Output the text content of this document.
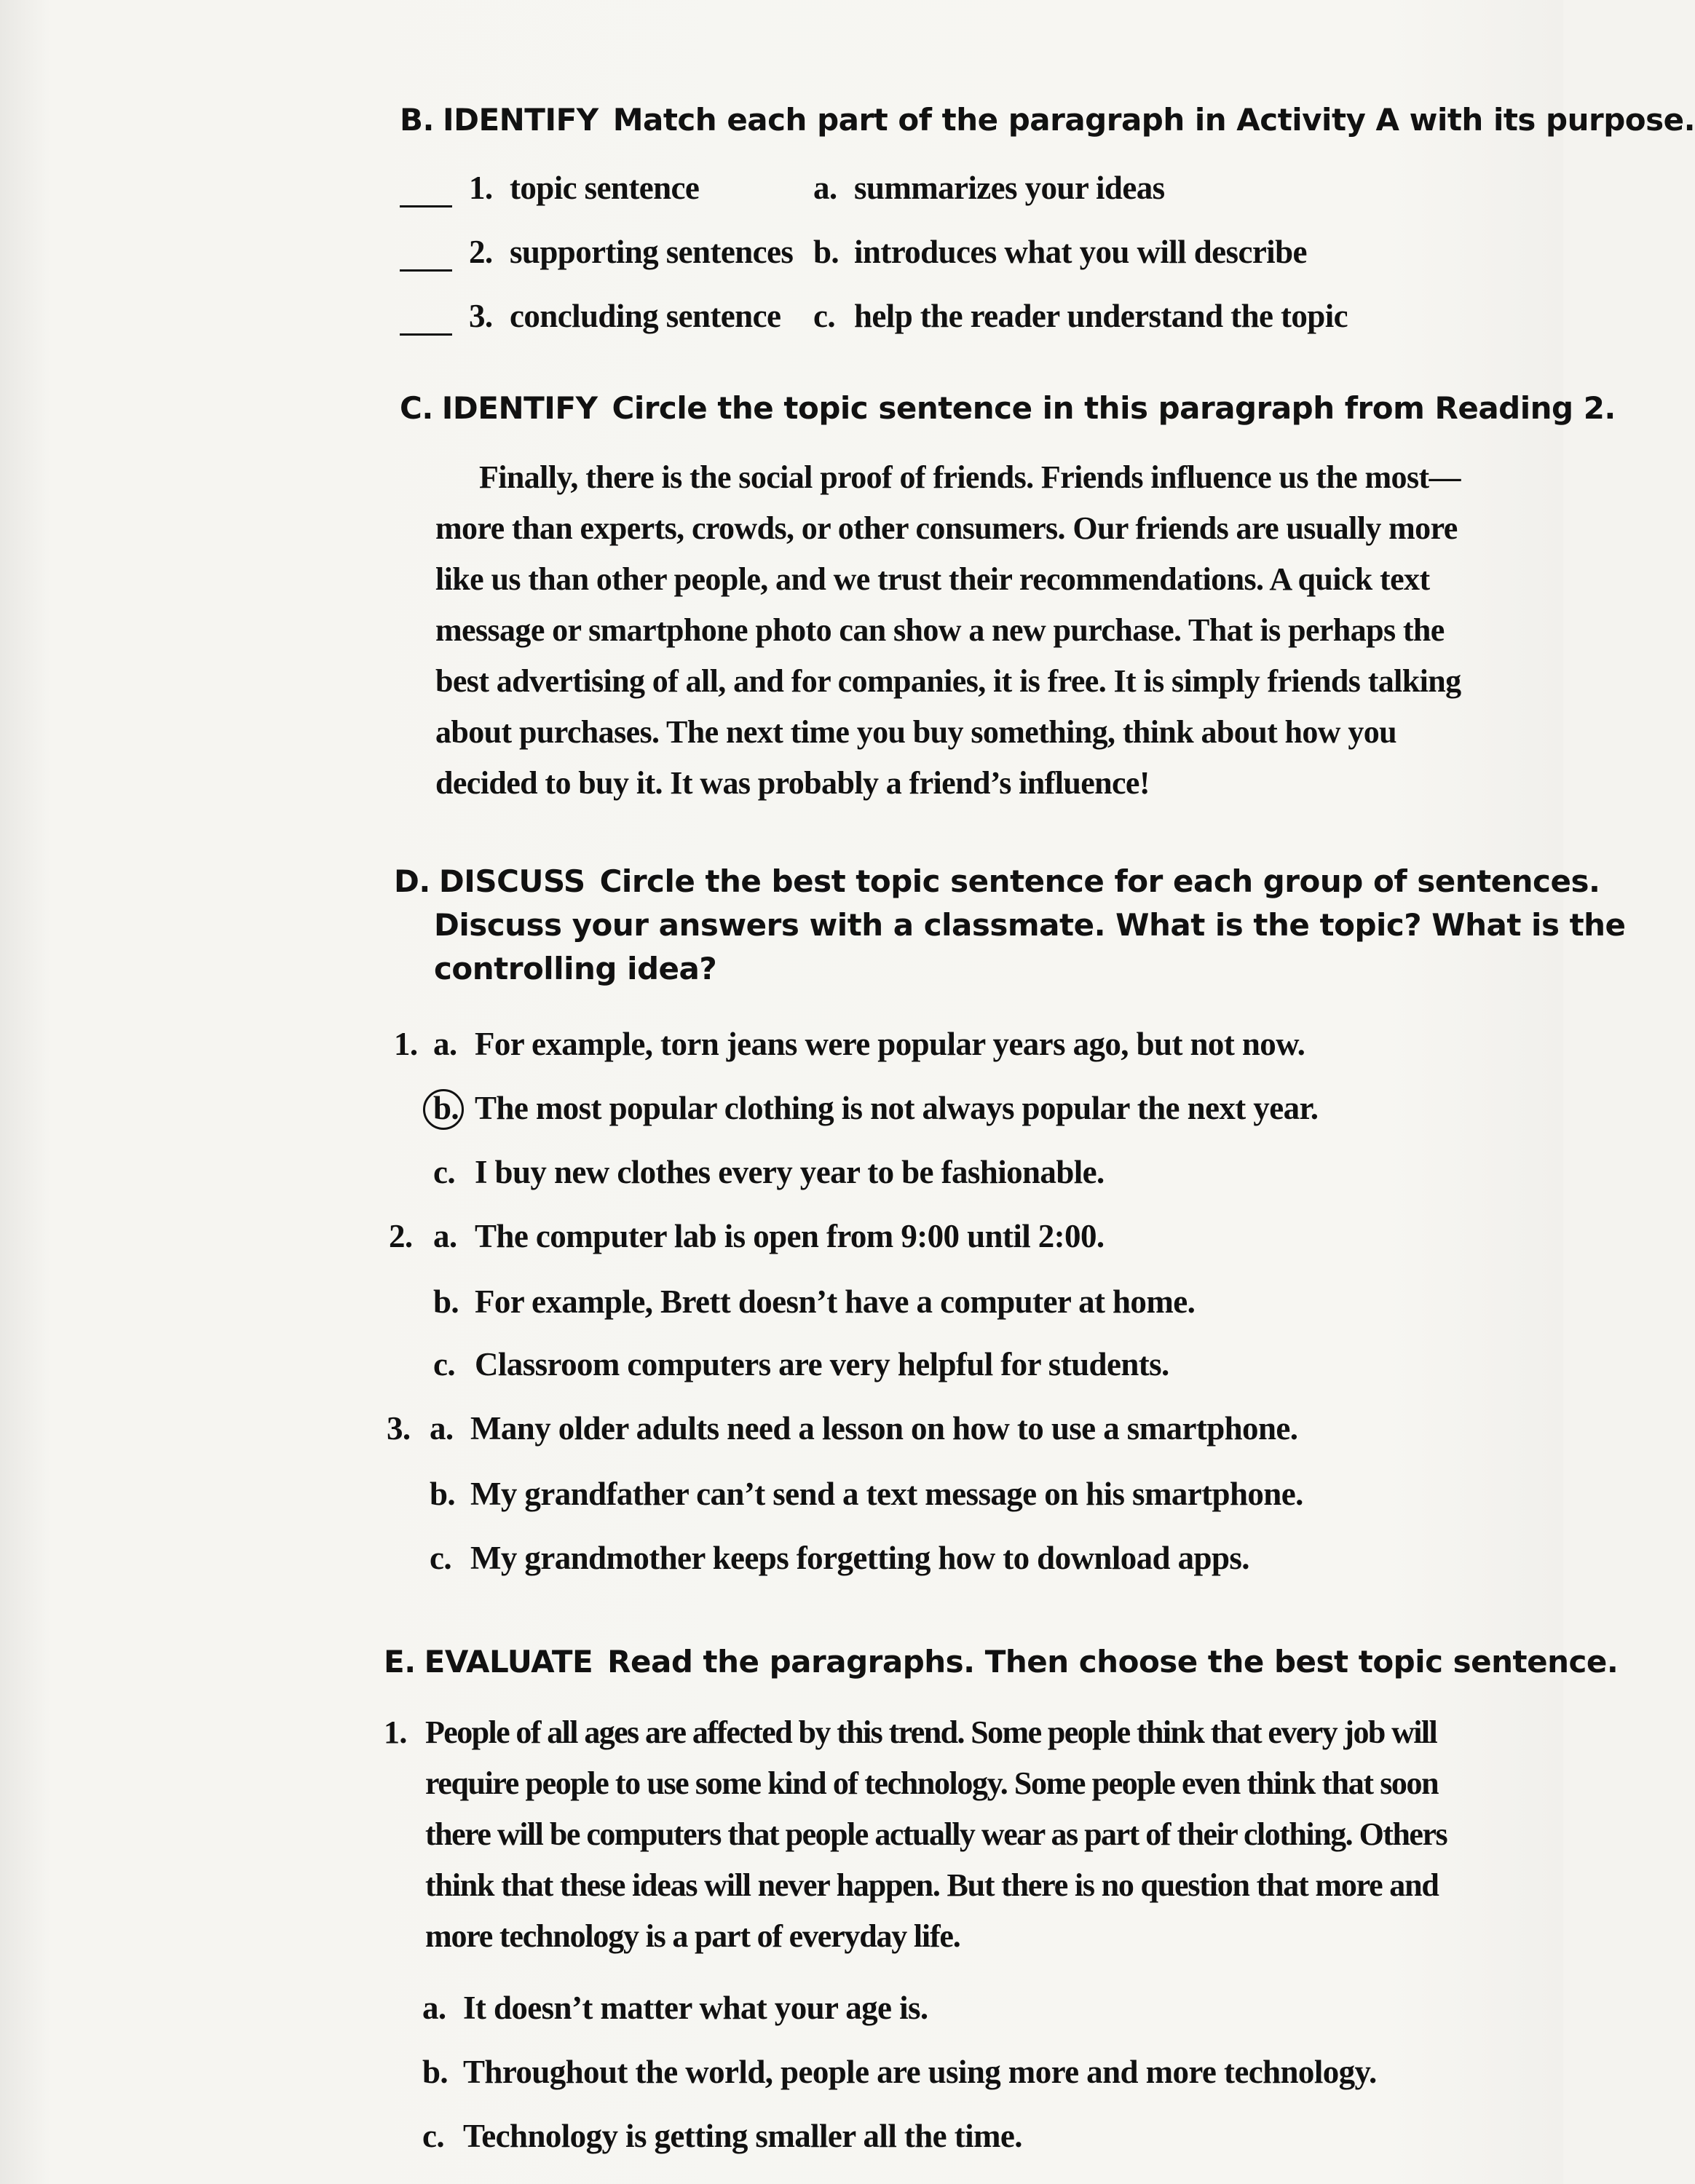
B. IDENTIFY Match each part of the paragraph in Activity A with its purpose.
1. topic sentence	a. summarizes your ideas
2. supporting sentences b. introduces what you will describe
3. concluding sentence c. help the reader understand the topic
C. IDENTIFY Circle the topic sentence in this paragraph from Reading 2.
Finally, there is the social proof of friends. Friends influence us the most—
more than experts, crowds, or other consumers. Our friends are usually more
like us than other people, and we trust their recommendations. A quick text
message or smartphone photo can show a new purchase. That is perhaps the
best advertising of all, and for companies, it is free. It is simply friends talking
about purchases. The next time you buy something, think about how you
decided to buy it. It was probably a friend’s influence!
D. DISCUSS Circle the best topic sentence for each group of sentences.
Discuss your answers with a classmate. What is the topic? What is the
controlling idea?
1. a. For example, torn jeans were popular years ago, but not now.
b. The most popular clothing is not always popular the next year.
c. I buy new clothes every year to be fashionable.
2. a. The computer lab is open from 9:00 until 2:00.
b. For example, Brett doesn’t have a computer at home.
c. Classroom computers are very helpful for students.
3. a. Many older adults need a lesson on how to use a smartphone.
b. My grandfather can’t send a text message on his smartphone.
c. My grandmother keeps forgetting how to download apps.
E. EVALUATE Read the paragraphs. Then choose the best topic sentence.
1. People of all ages are affected by this trend. Some people think that every job will
require people to use some kind of technology. Some people even think that soon
there will be computers that people actually wear as part of their clothing. Others
think that these ideas will never happen. But there is no question that more and
more technology is a part of everyday life.
a. It doesn’t matter what your age is.
b. Throughout the world, people are using more and more technology.
c. Technology is getting smaller all the time.
